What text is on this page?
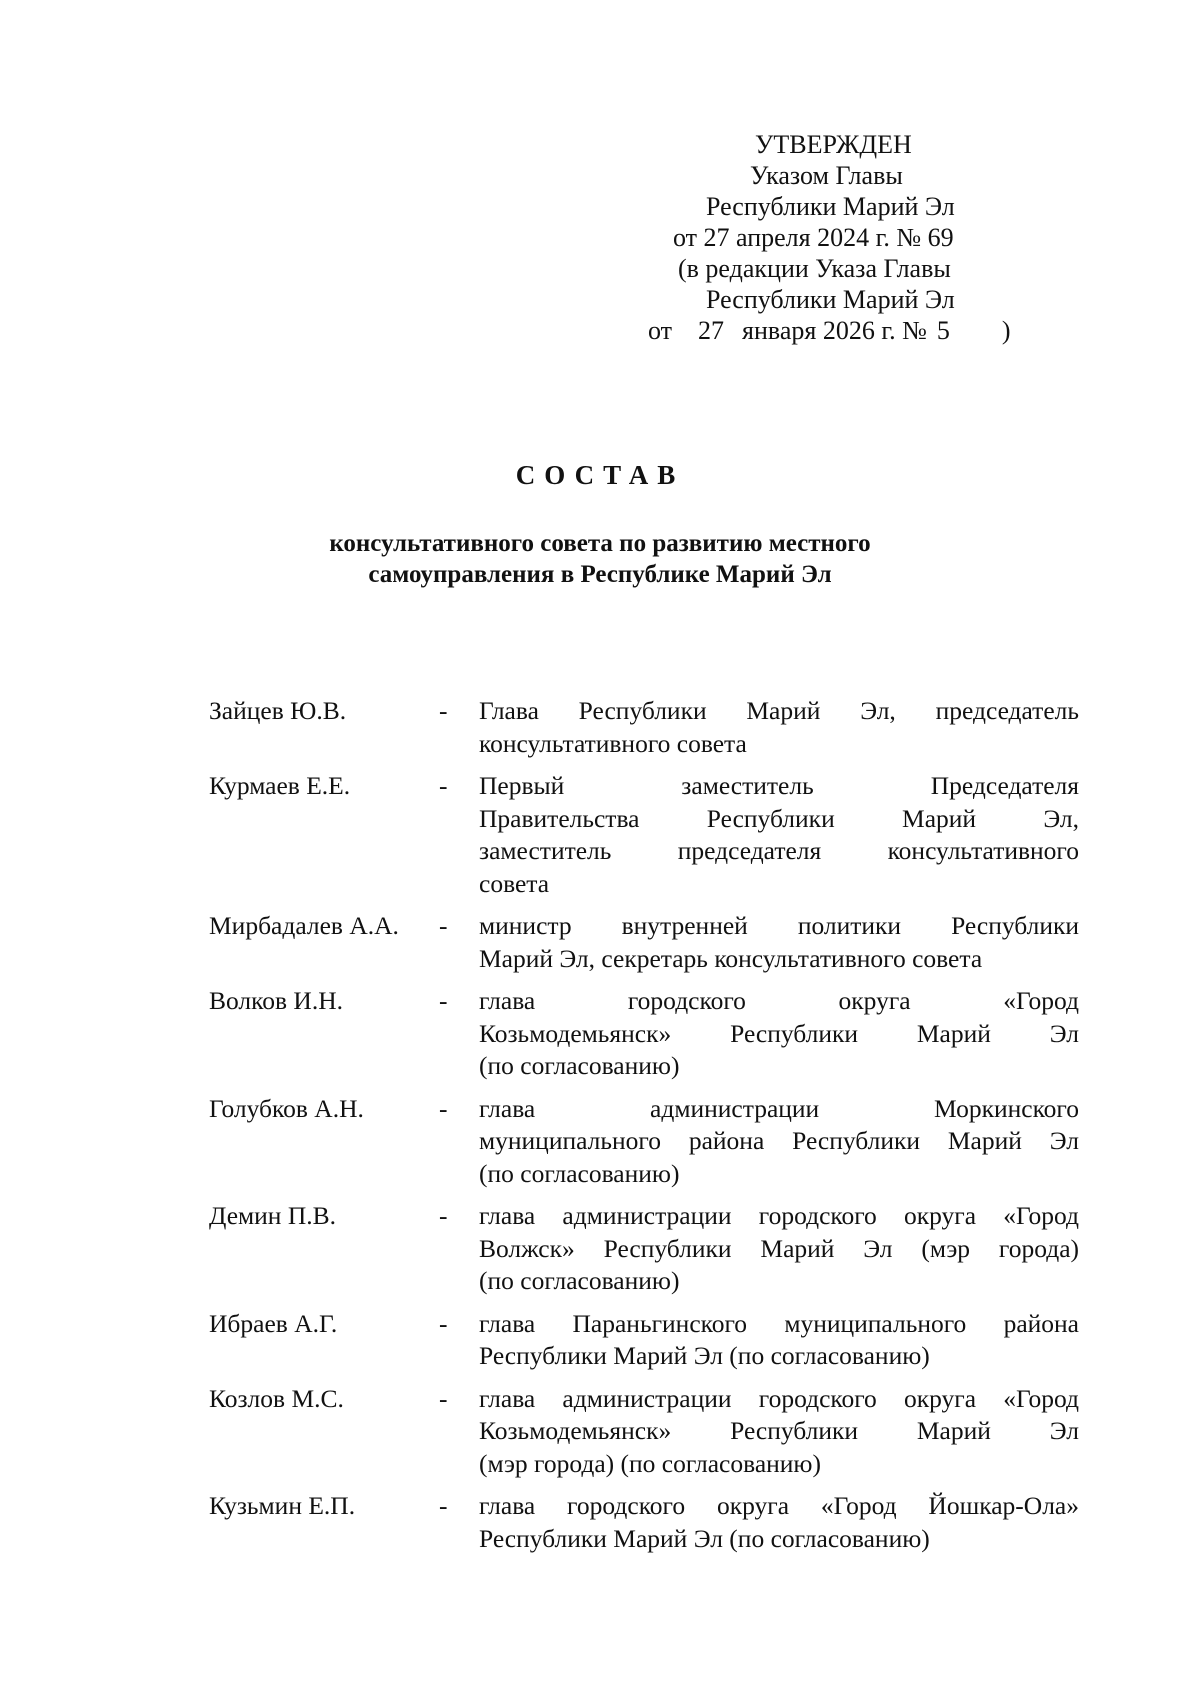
УТВЕРЖДЕН
Указом Главы
Республики Марий Эл
от 27 апреля 2024 г. № 69
(в редакции Указа Главы
Республики Марий Эл
от 27 января 2026 г. № 5 )
СОСТАВ
консультативного совета по развитию местного
самоуправления в Республике Марий Эл
Зайцев Ю.В.	-	Глава Республики Марий Эл, председатель
консультативного совета
Курмаев Е.Е.	-	Первый заместитель Председателя
Правительства Республики Марий Эл,
заместитель председателя консультативного
совета
Мирбадалев А.А.	-	министр внутренней политики Республики
Марий Эл, секретарь консультативного совета
Волков И.Н.	-	глава городского округа «Город
Козьмодемьянск» Республики Марий Эл
(по согласованию)
Голубков А.Н.	-	глава администрации Моркинского
муниципального района Республики Марий Эл
(по согласованию)
Демин П.В.	-	глава администрации городского округа «Город
Волжск» Республики Марий Эл (мэр города)
(по согласованию)
Ибраев А.Г.	-	глава Параньгинского муниципального района
Республики Марий Эл (по согласованию)
Козлов М.С.	-	глава администрации городского округа «Город
Козьмодемьянск» Республики Марий Эл
(мэр города) (по согласованию)
Кузьмин Е.П.	-	глава городского округа «Город Йошкар-Ола»
Республики Марий Эл (по согласованию)
